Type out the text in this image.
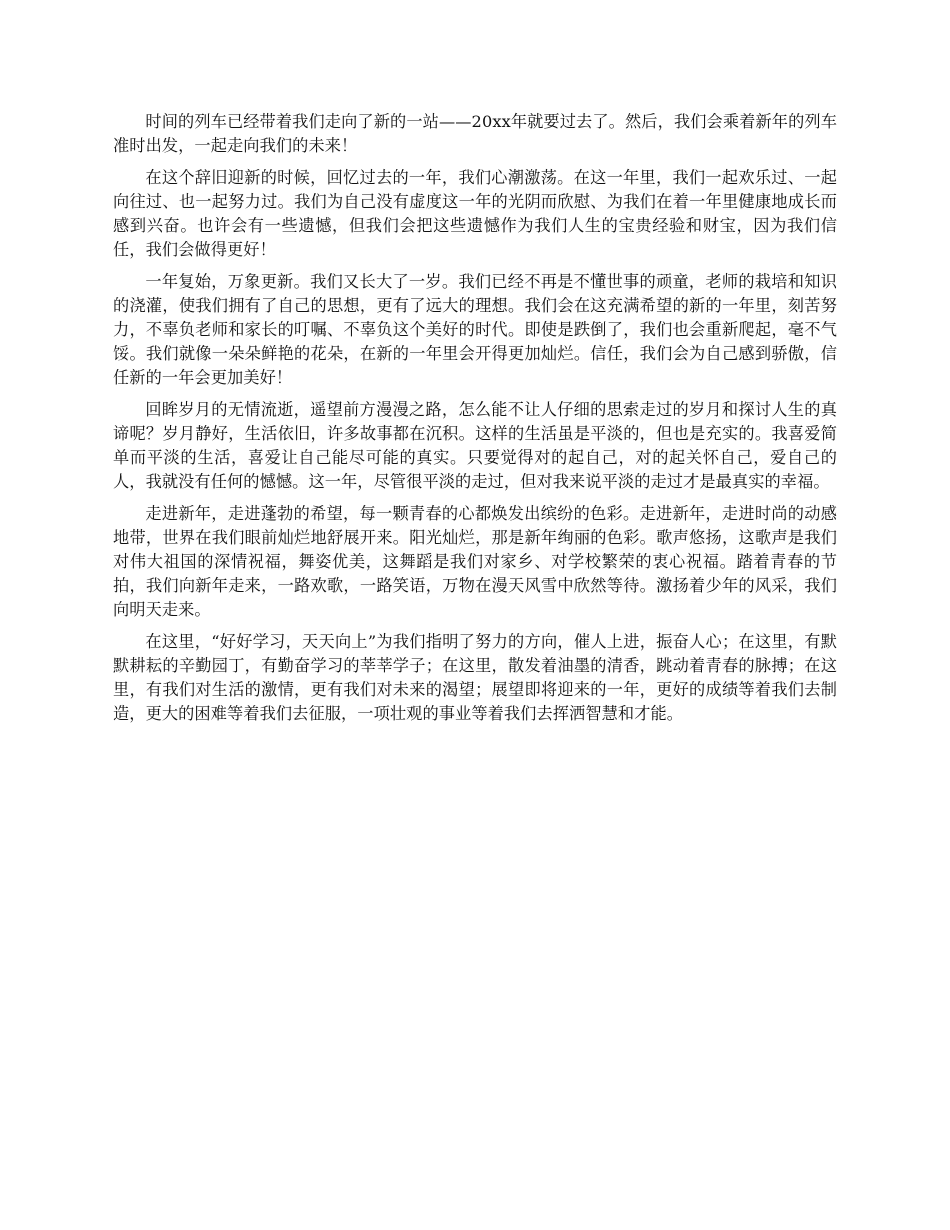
时间的列车已经带着我们走向了新的一站——20xx年就要过去了。然后，我们会乘着新年的列车准时出发，一起走向我们的未来！

在这个辞旧迎新的时候，回忆过去的一年，我们心潮激荡。在这一年里，我们一起欢乐过、一起向往过、也一起努力过。我们为自己没有虚度这一年的光阴而欣慰、为我们在着一年里健康地成长而感到兴奋。也许会有一些遗憾，但我们会把这些遗憾作为我们人生的宝贵经验和财宝，因为我们信任，我们会做得更好！

一年复始，万象更新。我们又长大了一岁。我们已经不再是不懂世事的顽童，老师的栽培和知识的浇灌，使我们拥有了自己的思想，更有了远大的理想。我们会在这充满希望的新的一年里，刻苦努力，不辜负老师和家长的叮嘱、不辜负这个美好的时代。即使是跌倒了，我们也会重新爬起，毫不气馁。我们就像一朵朵鲜艳的花朵，在新的一年里会开得更加灿烂。信任，我们会为自己感到骄傲，信任新的一年会更加美好！

回眸岁月的无情流逝，遥望前方漫漫之路，怎么能不让人仔细的思索走过的岁月和探讨人生的真谛呢？岁月静好，生活依旧，许多故事都在沉积。这样的生活虽是平淡的，但也是充实的。我喜爱简单而平淡的生活，喜爱让自己能尽可能的真实。只要觉得对的起自己，对的起关怀自己，爱自己的人，我就没有任何的憾憾。这一年，尽管很平淡的走过，但对我来说平淡的走过才是最真实的幸福。

走进新年，走进蓬勃的希望，每一颗青春的心都焕发出缤纷的色彩。走进新年，走进时尚的动感地带，世界在我们眼前灿烂地舒展开来。阳光灿烂，那是新年绚丽的色彩。歌声悠扬，这歌声是我们对伟大祖国的深情祝福，舞姿优美，这舞蹈是我们对家乡、对学校繁荣的衷心祝福。踏着青春的节拍，我们向新年走来，一路欢歌，一路笑语，万物在漫天风雪中欣然等待。激扬着少年的风采，我们向明天走来。

在这里，“好好学习，天天向上”为我们指明了努力的方向，催人上进，振奋人心；在这里，有默默耕耘的辛勤园丁，有勤奋学习的莘莘学子；在这里，散发着油墨的清香，跳动着青春的脉搏；在这里，有我们对生活的激情，更有我们对未来的渴望；展望即将迎来的一年，更好的成绩等着我们去制造，更大的困难等着我们去征服，一项壮观的事业等着我们去挥洒智慧和才能。
